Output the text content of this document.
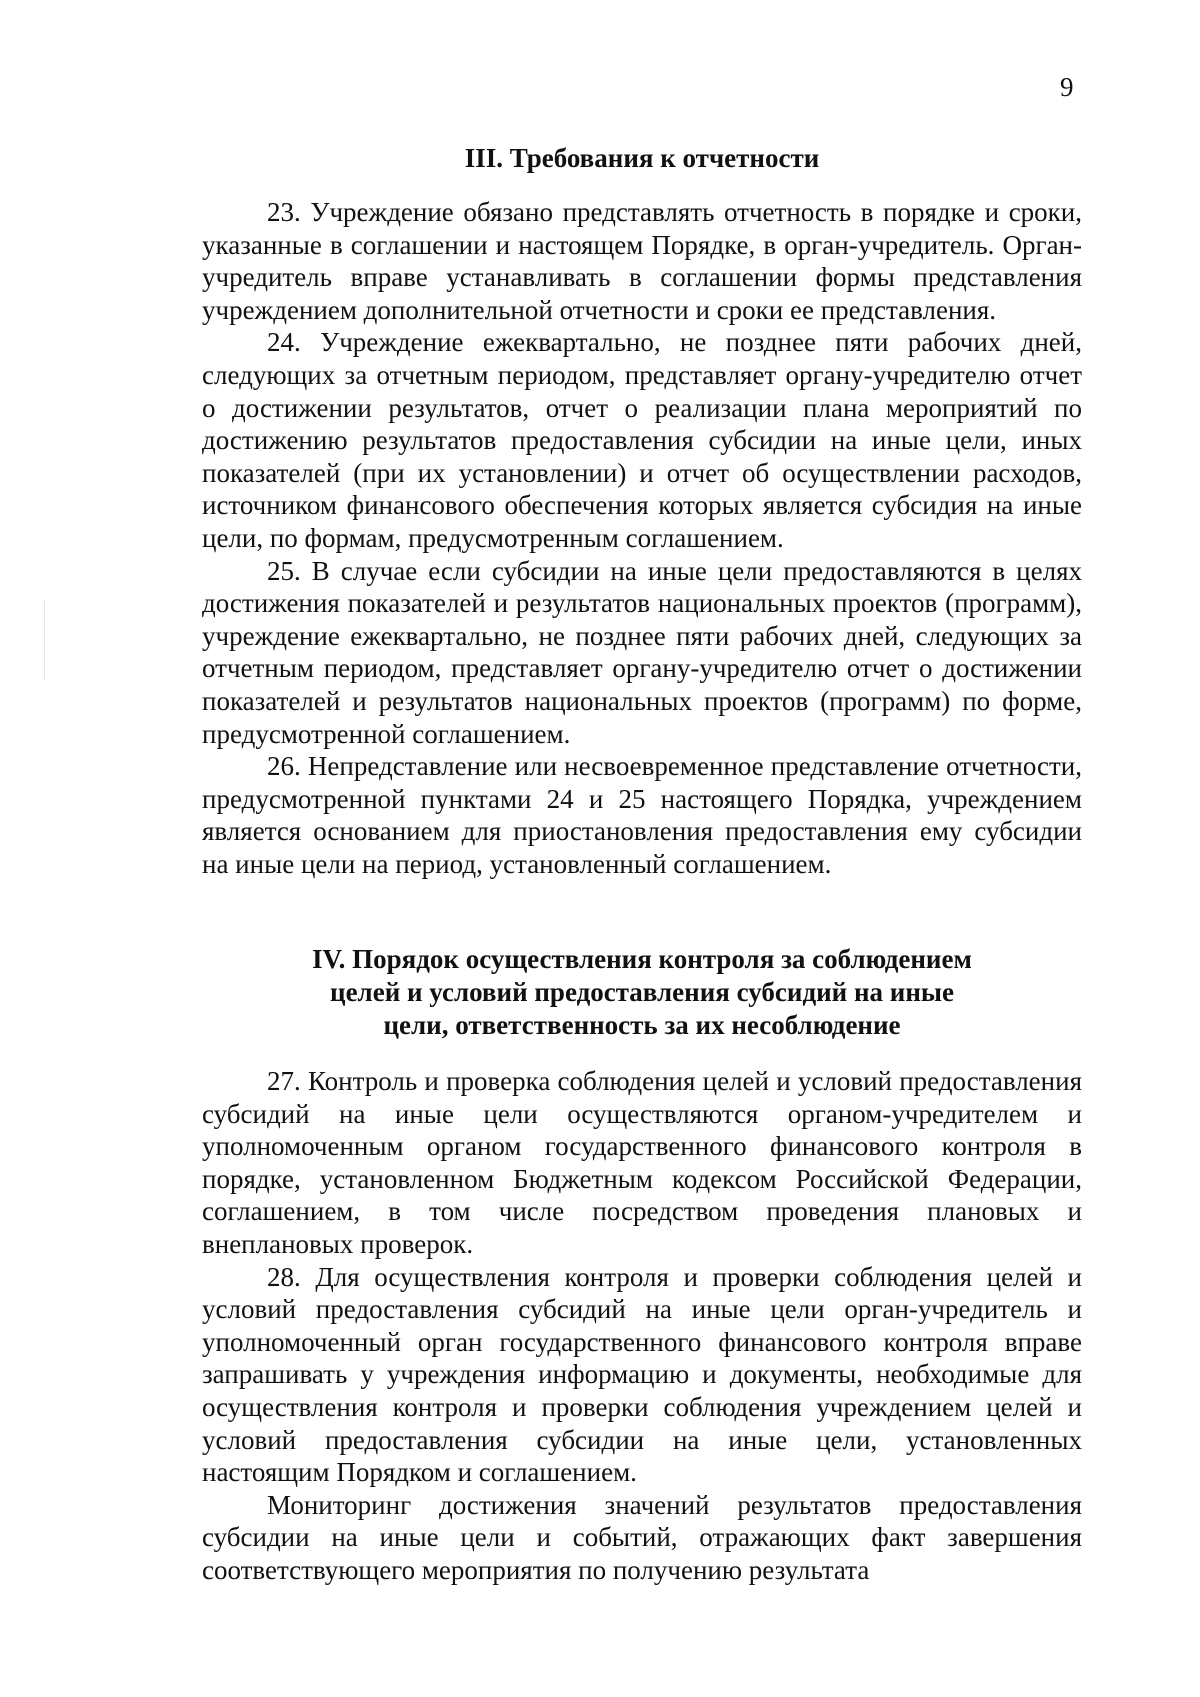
9
III. Требования к отчетности

23. Учреждение обязано представлять отчетность в порядке и сроки, указанные в соглашении и настоящем Порядке, в орган-учредитель. Орган-учредитель вправе устанавливать в соглашении формы представления учреждением дополнительной отчетности и сроки ее представления.

24. Учреждение ежеквартально, не позднее пяти рабочих дней, следующих за отчетным периодом, представляет органу-учредителю отчет о достижении результатов, отчет о реализации плана мероприятий по достижению результатов предоставления субсидии на иные цели, иных показателей (при их установлении) и отчет об осуществлении расходов, источником финансового обеспечения которых является субсидия на иные цели, по формам, предусмотренным соглашением.

25. В случае если субсидии на иные цели предоставляются в целях достижения показателей и результатов национальных проектов (программ), учреждение ежеквартально, не позднее пяти рабочих дней, следующих за отчетным периодом, представляет органу-учредителю отчет о достижении показателей и результатов национальных проектов (программ) по форме, предусмотренной соглашением.

26. Непредставление или несвоевременное представление отчетности, предусмотренной пунктами 24 и 25 настоящего Порядка, учреждением является основанием для приостановления предоставления ему субсидии на иные цели на период, установленный соглашением.

IV. Порядок осуществления контроля за соблюдением
целей и условий предоставления субсидий на иные
цели, ответственность за их несоблюдение

27. Контроль и проверка соблюдения целей и условий предоставления субсидий на иные цели осуществляются органом-учредителем и уполномоченным органом государственного финансового контроля в порядке, установленном Бюджетным кодексом Российской Федерации, соглашением, в том числе посредством проведения плановых и внеплановых проверок.

28. Для осуществления контроля и проверки соблюдения целей и условий предоставления субсидий на иные цели орган-учредитель и уполномоченный орган государственного финансового контроля вправе запрашивать у учреждения информацию и документы, необходимые для осуществления контроля и проверки соблюдения учреждением целей и условий предоставления субсидии на иные цели, установленных настоящим Порядком и соглашением.

Мониторинг достижения значений результатов предоставления субсидии на иные цели и событий, отражающих факт завершения соответствующего мероприятия по получению результата
